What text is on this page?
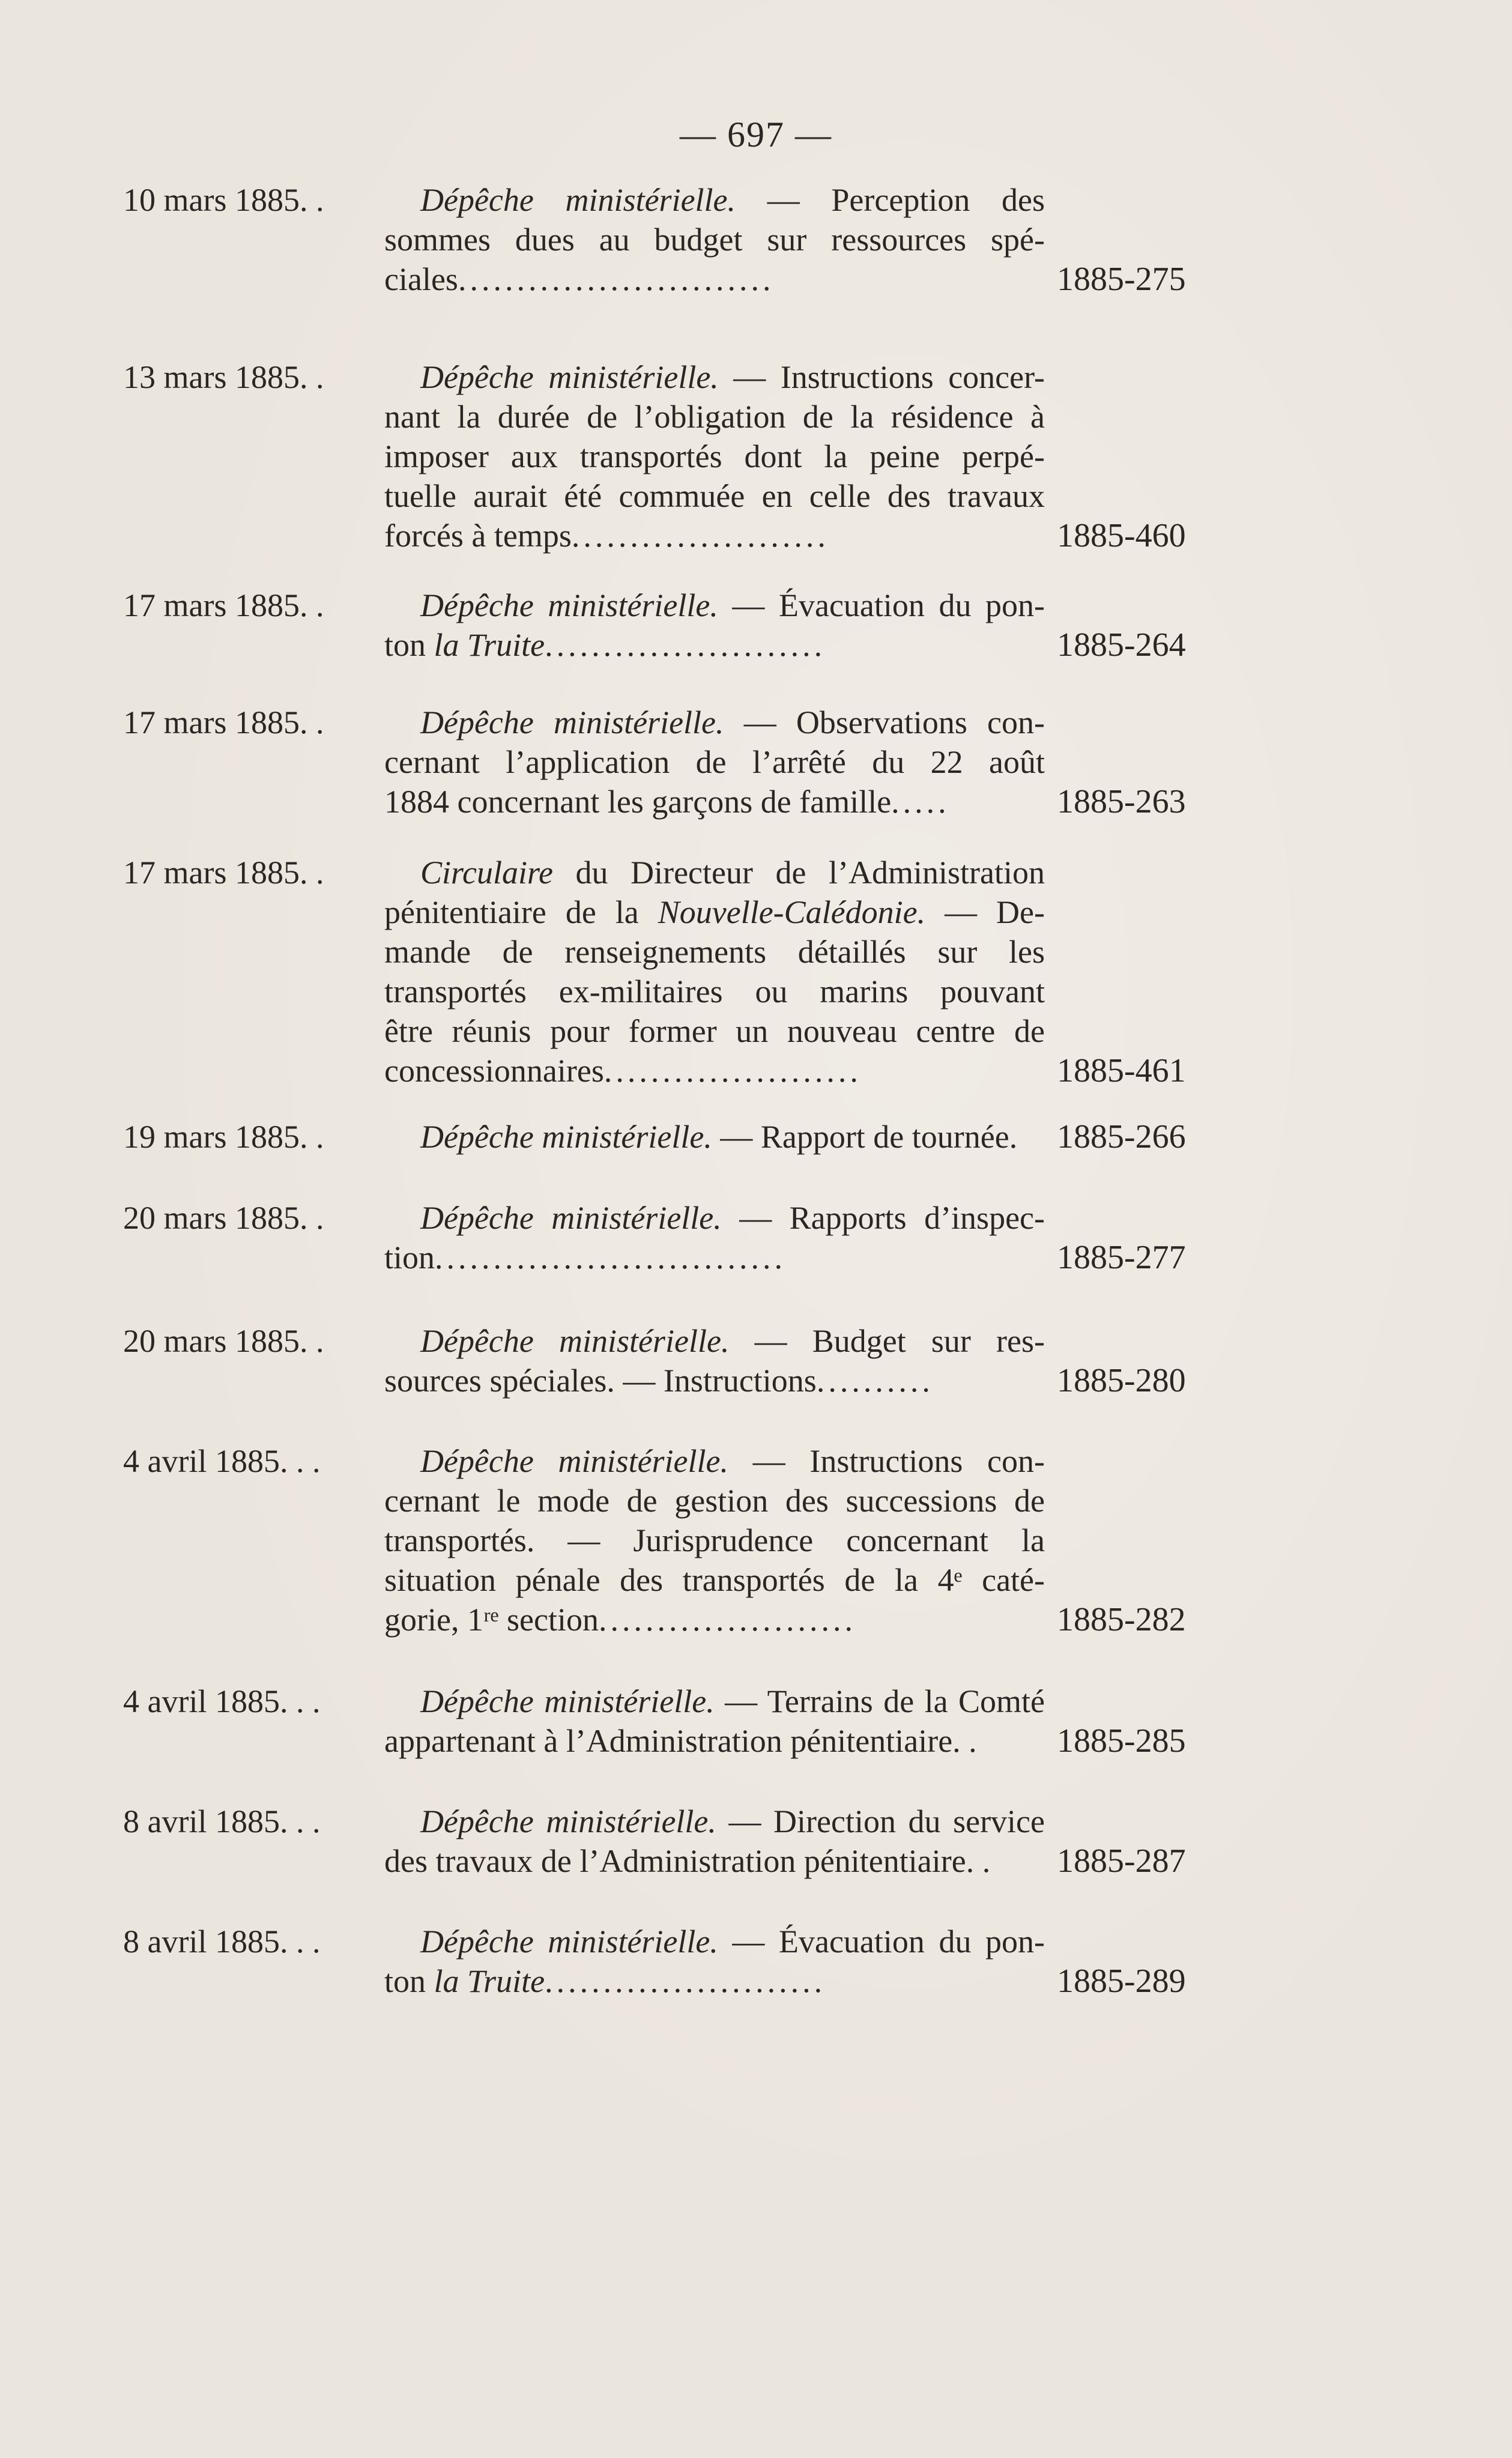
— 697 —
10 mars 1885. .	Dépêche ministérielle. — Perception des
sommes dues au budget sur ressources spé-
ciales...........................	1885-275
13 mars 1885. .	Dépêche ministérielle. — Instructions concer-
nant la durée de l’obligation de la résidence à
imposer aux transportés dont la peine perpé-
tuelle aurait été commuée en celle des travaux
forcés à temps......................	1885-460
17 mars 1885. .	Dépêche ministérielle. — Évacuation du pon-
ton la Truite........................	1885-264
17 mars 1885. .	Dépêche ministérielle. — Observations con-
cernant l’application de l’arrêté du 22 août
1884 concernant les garçons de famille.....	1885-263
17 mars 1885. .	Circulaire du Directeur de l’Administration
pénitentiaire de la Nouvelle-Calédonie. — De-
mande de renseignements détaillés sur les
transportés ex-militaires ou marins pouvant
être réunis pour former un nouveau centre de
concessionnaires......................	1885-461
19 mars 1885. .	Dépêche ministérielle. — Rapport de tournée.	1885-266
20 mars 1885. .	Dépêche ministérielle. — Rapports d’inspec-
tion..............................	1885-277
20 mars 1885. .	Dépêche ministérielle. — Budget sur res-
sources spéciales. — Instructions..........	1885-280
4 avril 1885. . .	Dépêche ministérielle. — Instructions con-
cernant le mode de gestion des successions de
transportés. — Jurisprudence concernant la
situation pénale des transportés de la 4ᵉ caté-
gorie, 1ʳᵉ section......................	1885-282
4 avril 1885. . .	Dépêche ministérielle. — Terrains de la Comté
appartenant à l’Administration pénitentiaire. .	1885-285
8 avril 1885. . .	Dépêche ministérielle. — Direction du service
des travaux de l’Administration pénitentiaire. .	1885-287
8 avril 1885. . .	Dépêche ministérielle. — Évacuation du pon-
ton la Truite........................	1885-289
